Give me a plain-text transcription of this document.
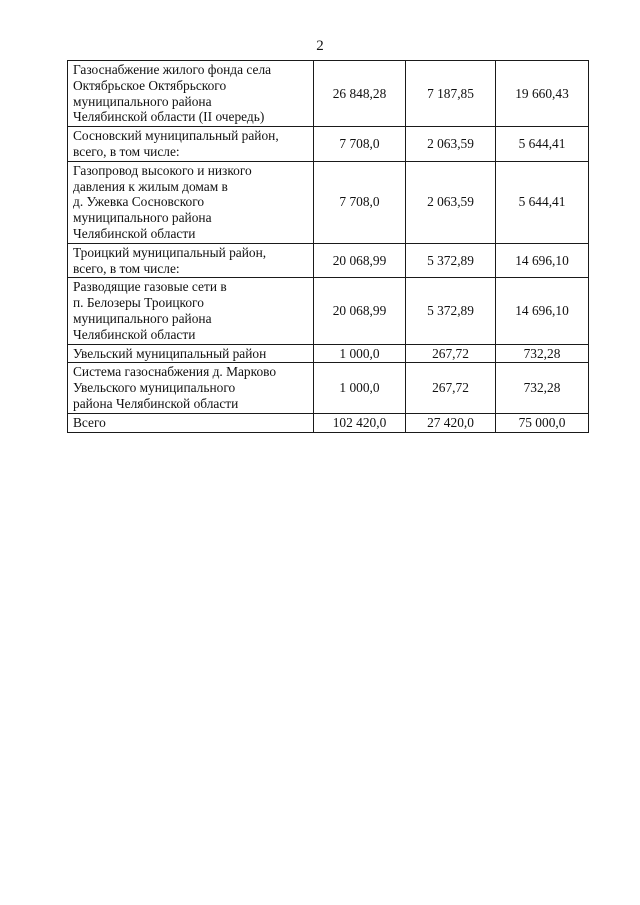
2
Газоснабжение жилого фонда села
Октябрьское Октябрьского
муниципального района
Челябинской области (II очередь)	26 848,28	7 187,85	19 660,43

Сосновский муниципальный район,
всего, в том числе:	7 708,0	2 063,59	5 644,41

Газопровод высокого и низкого
давления к жилым домам в
д. Ужевка Сосновского
муниципального района
Челябинской области	7 708,0	2 063,59	5 644,41

Троицкий муниципальный район,
всего, в том числе:	20 068,99	5 372,89	14 696,10

Разводящие газовые сети в
п. Белозеры Троицкого
муниципального района
Челябинской области	20 068,99	5 372,89	14 696,10

Увельский муниципальный район	1 000,0	267,72	732,28

Система газоснабжения д. Марково
Увельского муниципального
района Челябинской области	1 000,0	267,72	732,28

Всего	102 420,0	27 420,0	75 000,0
